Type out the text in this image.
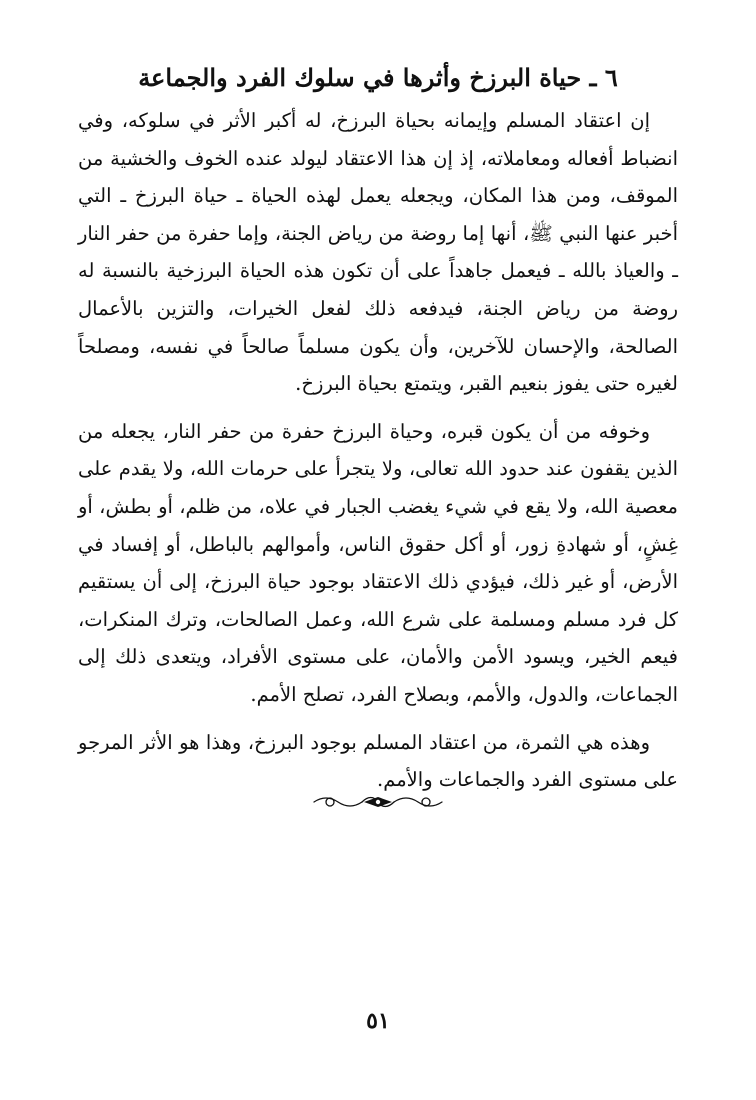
٦ ـ حياة البرزخ وأثرها في سلوك الفرد والجماعة

إن اعتقاد المسلم وإيمانه بحياة البرزخ، له أكبر الأثر في سلوكه، وفي انضباط أفعاله ومعاملاته، إذ إن هذا الاعتقاد ليولد عنده الخوف والخشية من الموقف، ومن هذا المكان، ويجعله يعمل لهذه الحياة ـ حياة البرزخ ـ التي أخبر عنها النبي ﷺ، أنها إما روضة من رياض الجنة، وإما حفرة من حفر النار ـ والعياذ بالله ـ فيعمل جاهداً على أن تكون هذه الحياة البرزخية بالنسبة له روضة من رياض الجنة، فيدفعه ذلك لفعل الخيرات، والتزين بالأعمال الصالحة، والإحسان للآخرين، وأن يكون مسلماً صالحاً في نفسه، ومصلحاً لغيره حتى يفوز بنعيم القبر، ويتمتع بحياة البرزخ.

وخوفه من أن يكون قبره، وحياة البرزخ حفرة من حفر النار، يجعله من الذين يقفون عند حدود الله تعالى، ولا يتجرأ على حرمات الله، ولا يقدم على معصية الله، ولا يقع في شيء يغضب الجبار في علاه، من ظلم، أو بطش، أو غِشٍ، أو شهادةِ زور، أو أكل حقوق الناس، وأموالهم بالباطل، أو إفساد في الأرض، أو غير ذلك، فيؤدي ذلك الاعتقاد بوجود حياة البرزخ، إلى أن يستقيم كل فرد مسلم ومسلمة على شرع الله، وعمل الصالحات، وترك المنكرات، فيعم الخير، ويسود الأمن والأمان، على مستوى الأفراد، ويتعدى ذلك إلى الجماعات، والدول، والأمم، وبصلاح الفرد، تصلح الأمم.

وهذه هي الثمرة، من اعتقاد المسلم بوجود البرزخ، وهذا هو الأثر المرجو على مستوى الفرد والجماعات والأمم.

٥١
